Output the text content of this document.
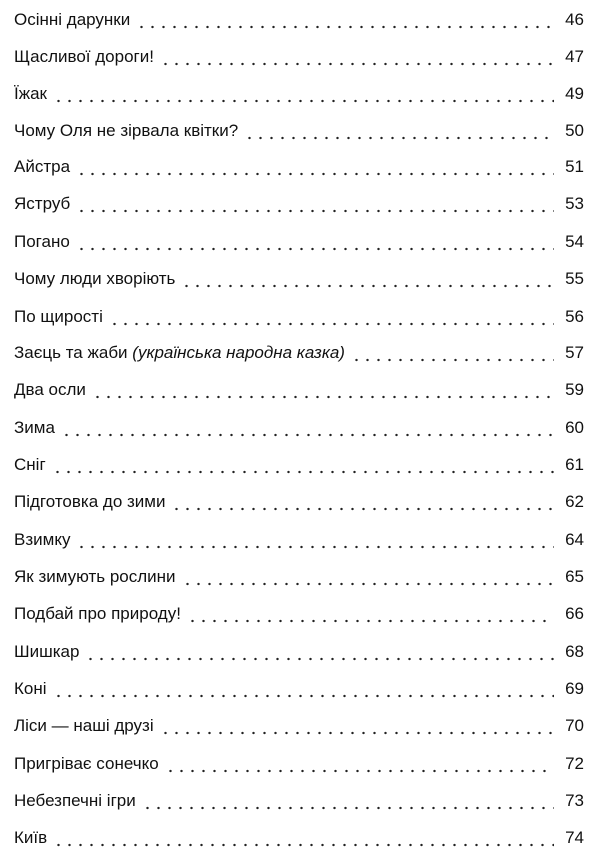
Осінні дарунки	46
Щасливої дороги!	47
Їжак	49
Чому Оля не зірвала квітки?	50
Айстра	51
Яструб	53
Погано	54
Чому люди хворіють	55
По щирості	56
Заєць та жаби (українська народна казка)	57
Два осли	59
Зима	60
Сніг	61
Підготовка до зими	62
Взимку	64
Як зимують рослини	65
Подбай про природу!	66
Шишкар	68
Коні	69
Ліси — наші друзі	70
Пригріває сонечко	72
Небезпечні ігри	73
Київ	74
